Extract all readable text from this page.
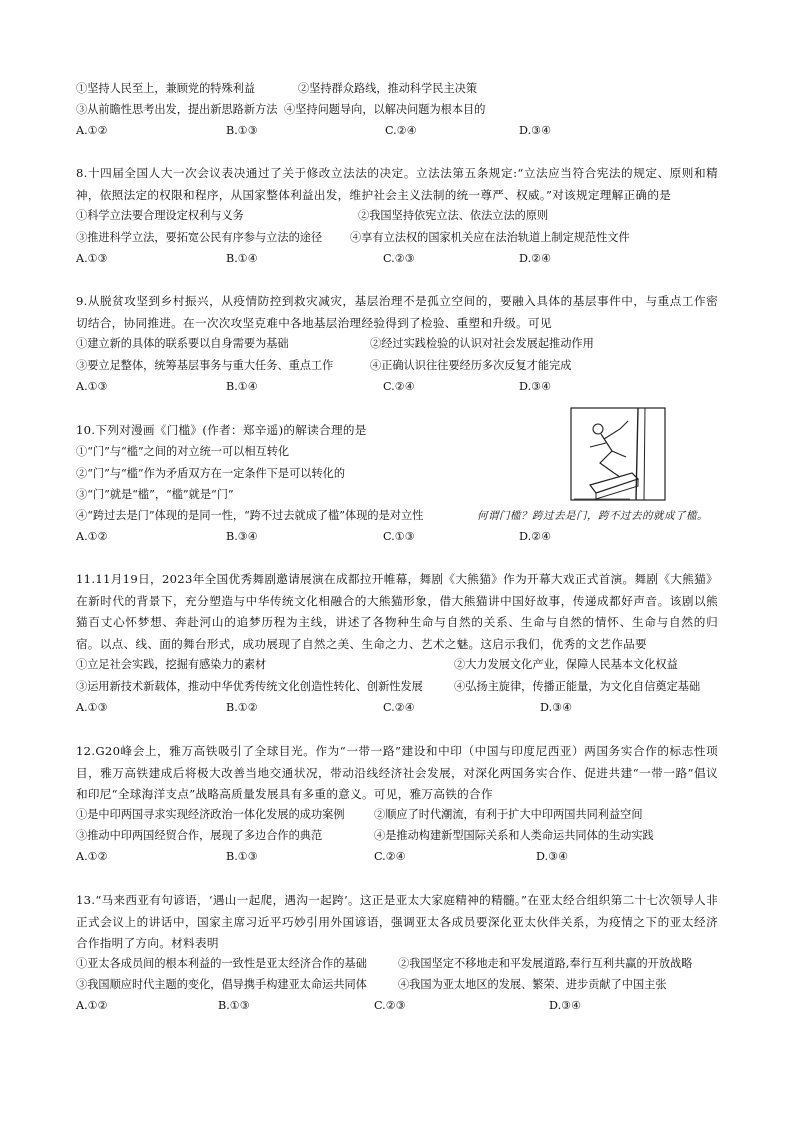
①坚持人民至上，兼顾党的特殊利益	②坚持群众路线，推动科学民主决策
③从前瞻性思考出发，提出新思路新方法 ④坚持问题导向，以解决问题为根本目的
A.①②	B.①③	C.②④	D.③④
8.十四届全国人大一次会议表决通过了关于修改立法法的决定。立法法第五条规定:“立法应当符合宪法的规定、原则和精神，依照法定的权限和程序，从国家整体利益出发，维护社会主义法制的统一尊严、权威。”对该规定理解正确的是
①科学立法要合理设定权利与义务	②我国坚持依宪立法、依法立法的原则
③推进科学立法，要拓宽公民有序参与立法的途径 ④享有立法权的国家机关应在法治轨道上制定规范性文件
A.①③	B.①④	C.②③	D.②④
9.从脱贫攻坚到乡村振兴，从疫情防控到救灾减灾，基层治理不是孤立空间的，要融入具体的基层事件中，与重点工作密切结合，协同推进。在一次次攻坚克难中各地基层治理经验得到了检验、重塑和升级。可见
①建立新的具体的联系要以自身需要为基础	②经过实践检验的认识对社会发展起推动作用
③要立足整体，统筹基层事务与重大任务、重点工作	④正确认识往往要经历多次反复才能完成
A.①③	B.①④	C.②④	D.③④
10.下列对漫画《门槛》(作者：郑辛遥)的解读合理的是
①“门”与“槛”之间的对立统一可以相互转化
②“门”与“槛”作为矛盾双方在一定条件下是可以转化的
③“门”就是“槛”，“槛”就是“门”
④“跨过去是门”体现的是同一性，“跨不过去就成了槛”体现的是对立性	何谓门槛？跨过去是门，跨不过去的就成了槛。
A.①②	B.③④	C.①③	D.②④
11.11月19日，2023年全国优秀舞剧邀请展演在成都拉开帷幕，舞剧《大熊猫》作为开幕大戏正式首演。舞剧《大熊猫》在新时代的背景下，充分塑造与中华传统文化相融合的大熊猫形象，借大熊猫讲中国好故事，传递成都好声音。该剧以熊猫百丈心怀梦想、奔赴河山的追梦历程为主线，讲述了各物种生命与自然的关系、生命与自然的情怀、生命与自然的归宿。以点、线、面的舞台形式，成功展现了自然之美、生命之力、艺术之魅。这启示我们，优秀的文艺作品要
①立足社会实践，挖掘有感染力的素材	②大力发展文化产业，保障人民基本文化权益
③运用新技术新载体，推动中华优秀传统文化创造性转化、创新性发展	④弘扬主旋律，传播正能量，为文化自信奠定基础
A.①③	B.①②	C.②④	D.③④
12.G20峰会上，雅万高铁吸引了全球目光。作为“一带一路”建设和中印（中国与印度尼西亚）两国务实合作的标志性项目，雅万高铁建成后将极大改善当地交通状况，带动沿线经济社会发展，对深化两国务实合作、促进共建“一带一路”倡议和印尼“全球海洋支点”战略高质量发展具有多重的意义。可见，雅万高铁的合作
①是中印两国寻求实现经济政治一体化发展的成功案例	②顺应了时代潮流，有利于扩大中印两国共同利益空间
③推动中印两国经贸合作，展现了多边合作的典范	④是推动构建新型国际关系和人类命运共同体的生动实践
A.①②	B.①③	C.②④	D.③④
13.“马来西亚有句谚语，‘遇山一起爬，遇沟一起跨’。这正是亚太大家庭精神的精髓。”在亚太经合组织第二十七次领导人非正式会议上的讲话中，国家主席习近平巧妙引用外国谚语，强调亚太各成员要深化亚太伙伴关系，为疫情之下的亚太经济合作指明了方向。材料表明
①亚太各成员间的根本利益的一致性是亚太经济合作的基础	②我国坚定不移地走和平发展道路,奉行互利共赢的开放战略
③我国顺应时代主题的变化，倡导携手构建亚太命运共同体	④我国为亚太地区的发展、繁荣、进步贡献了中国主张
A.①②	B.①③	C.②③	D.③④
